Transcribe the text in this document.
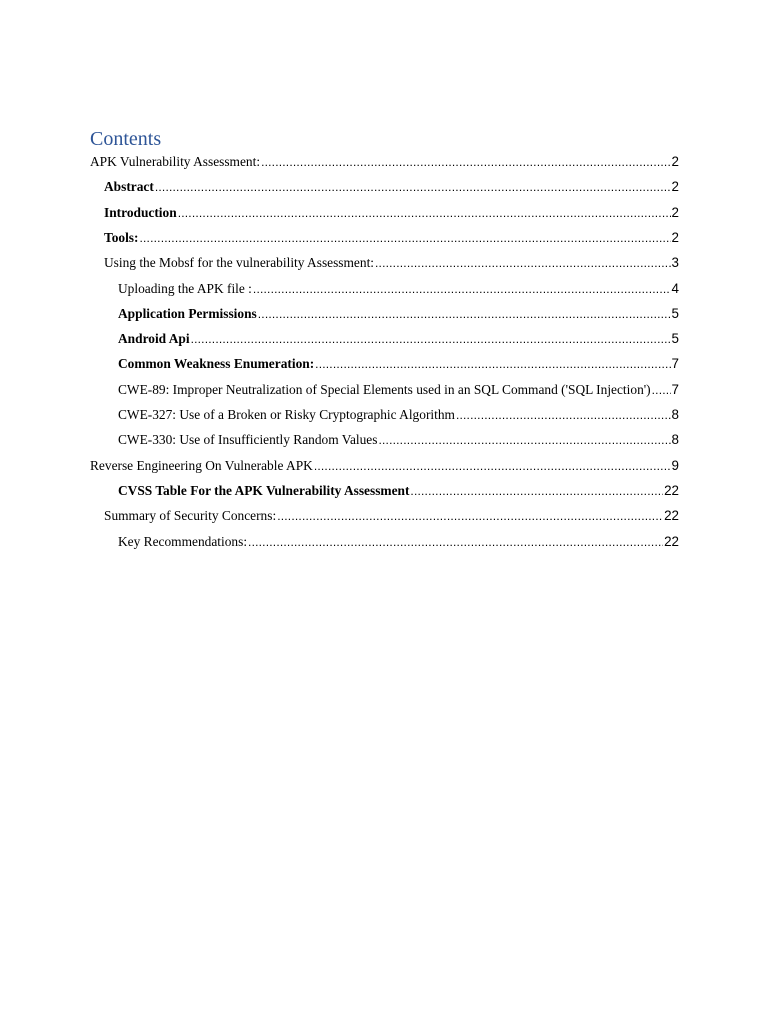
Contents
APK Vulnerability Assessment: .....	2
Abstract .....	2
Introduction .....	2
Tools: .....	2
Using the Mobsf for the vulnerability Assessment: .....	3
Uploading the APK file : .....	4
Application Permissions .....	5
Android Api .....	5
Common Weakness Enumeration: .....	7
CWE-89: Improper Neutralization of Special Elements used in an SQL Command ('SQL Injection') ..... 7
CWE-327: Use of a Broken or Risky Cryptographic Algorithm .....	8
CWE-330: Use of Insufficiently Random Values .....	8
Reverse Engineering On Vulnerable APK .....	9
CVSS Table For the APK Vulnerability Assessment .....	22
Summary of Security Concerns: .....	22
Key Recommendations: .....	22
